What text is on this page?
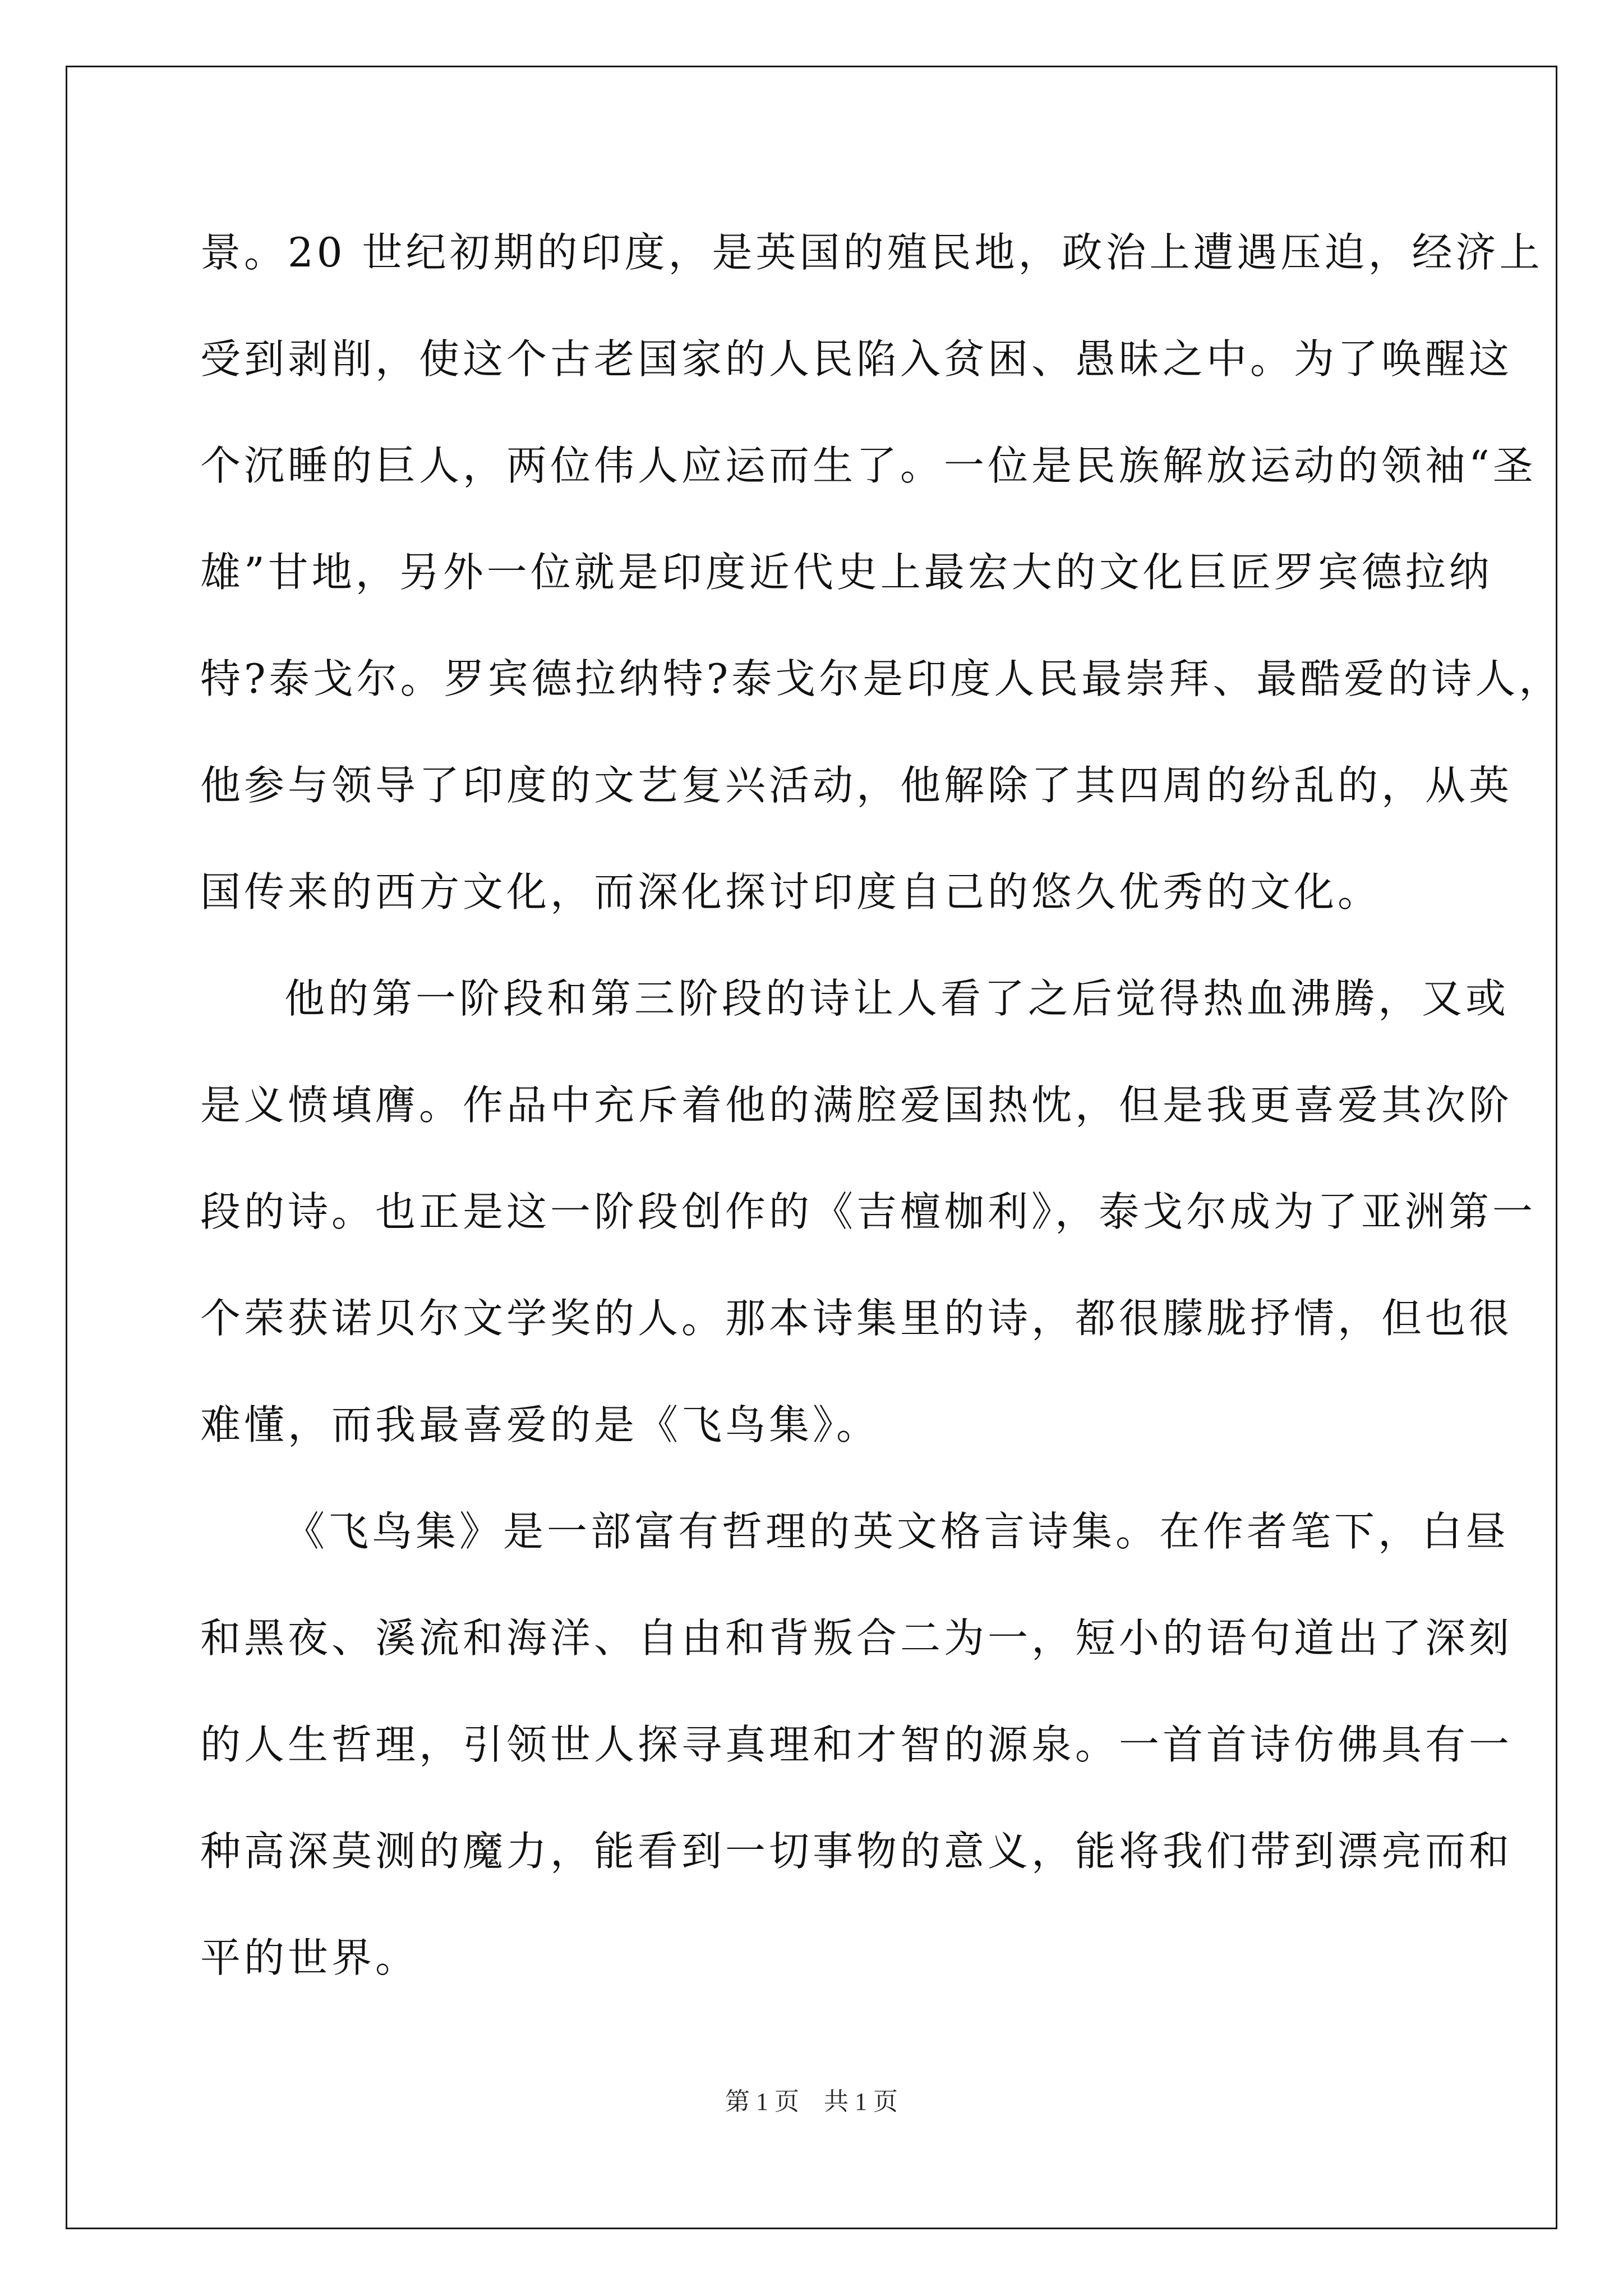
景。20 世纪初期的印度，是英国的殖民地，政治上遭遇压迫，经济上
受到剥削，使这个古老国家的人民陷入贫困、愚昧之中。为了唤醒这
个沉睡的巨人，两位伟人应运而生了。一位是民族解放运动的领袖“圣
雄”甘地，另外一位就是印度近代史上最宏大的文化巨匠罗宾德拉纳
特?泰戈尔。罗宾德拉纳特?泰戈尔是印度人民最崇拜、最酷爱的诗人，
他参与领导了印度的文艺复兴活动，他解除了其四周的纷乱的，从英
国传来的西方文化，而深化探讨印度自己的悠久优秀的文化。
他的第一阶段和第三阶段的诗让人看了之后觉得热血沸腾，又或
是义愤填膺。作品中充斥着他的满腔爱国热忱，但是我更喜爱其次阶
段的诗。也正是这一阶段创作的《吉檀枷利》，泰戈尔成为了亚洲第一
个荣获诺贝尔文学奖的人。那本诗集里的诗，都很朦胧抒情，但也很
难懂，而我最喜爱的是《飞鸟集》。
《飞鸟集》是一部富有哲理的英文格言诗集。在作者笔下，白昼
和黑夜、溪流和海洋、自由和背叛合二为一，短小的语句道出了深刻
的人生哲理，引领世人探寻真理和才智的源泉。一首首诗仿佛具有一
种高深莫测的魔力，能看到一切事物的意义，能将我们带到漂亮而和
平的世界。
第 1 页　共 1 页
